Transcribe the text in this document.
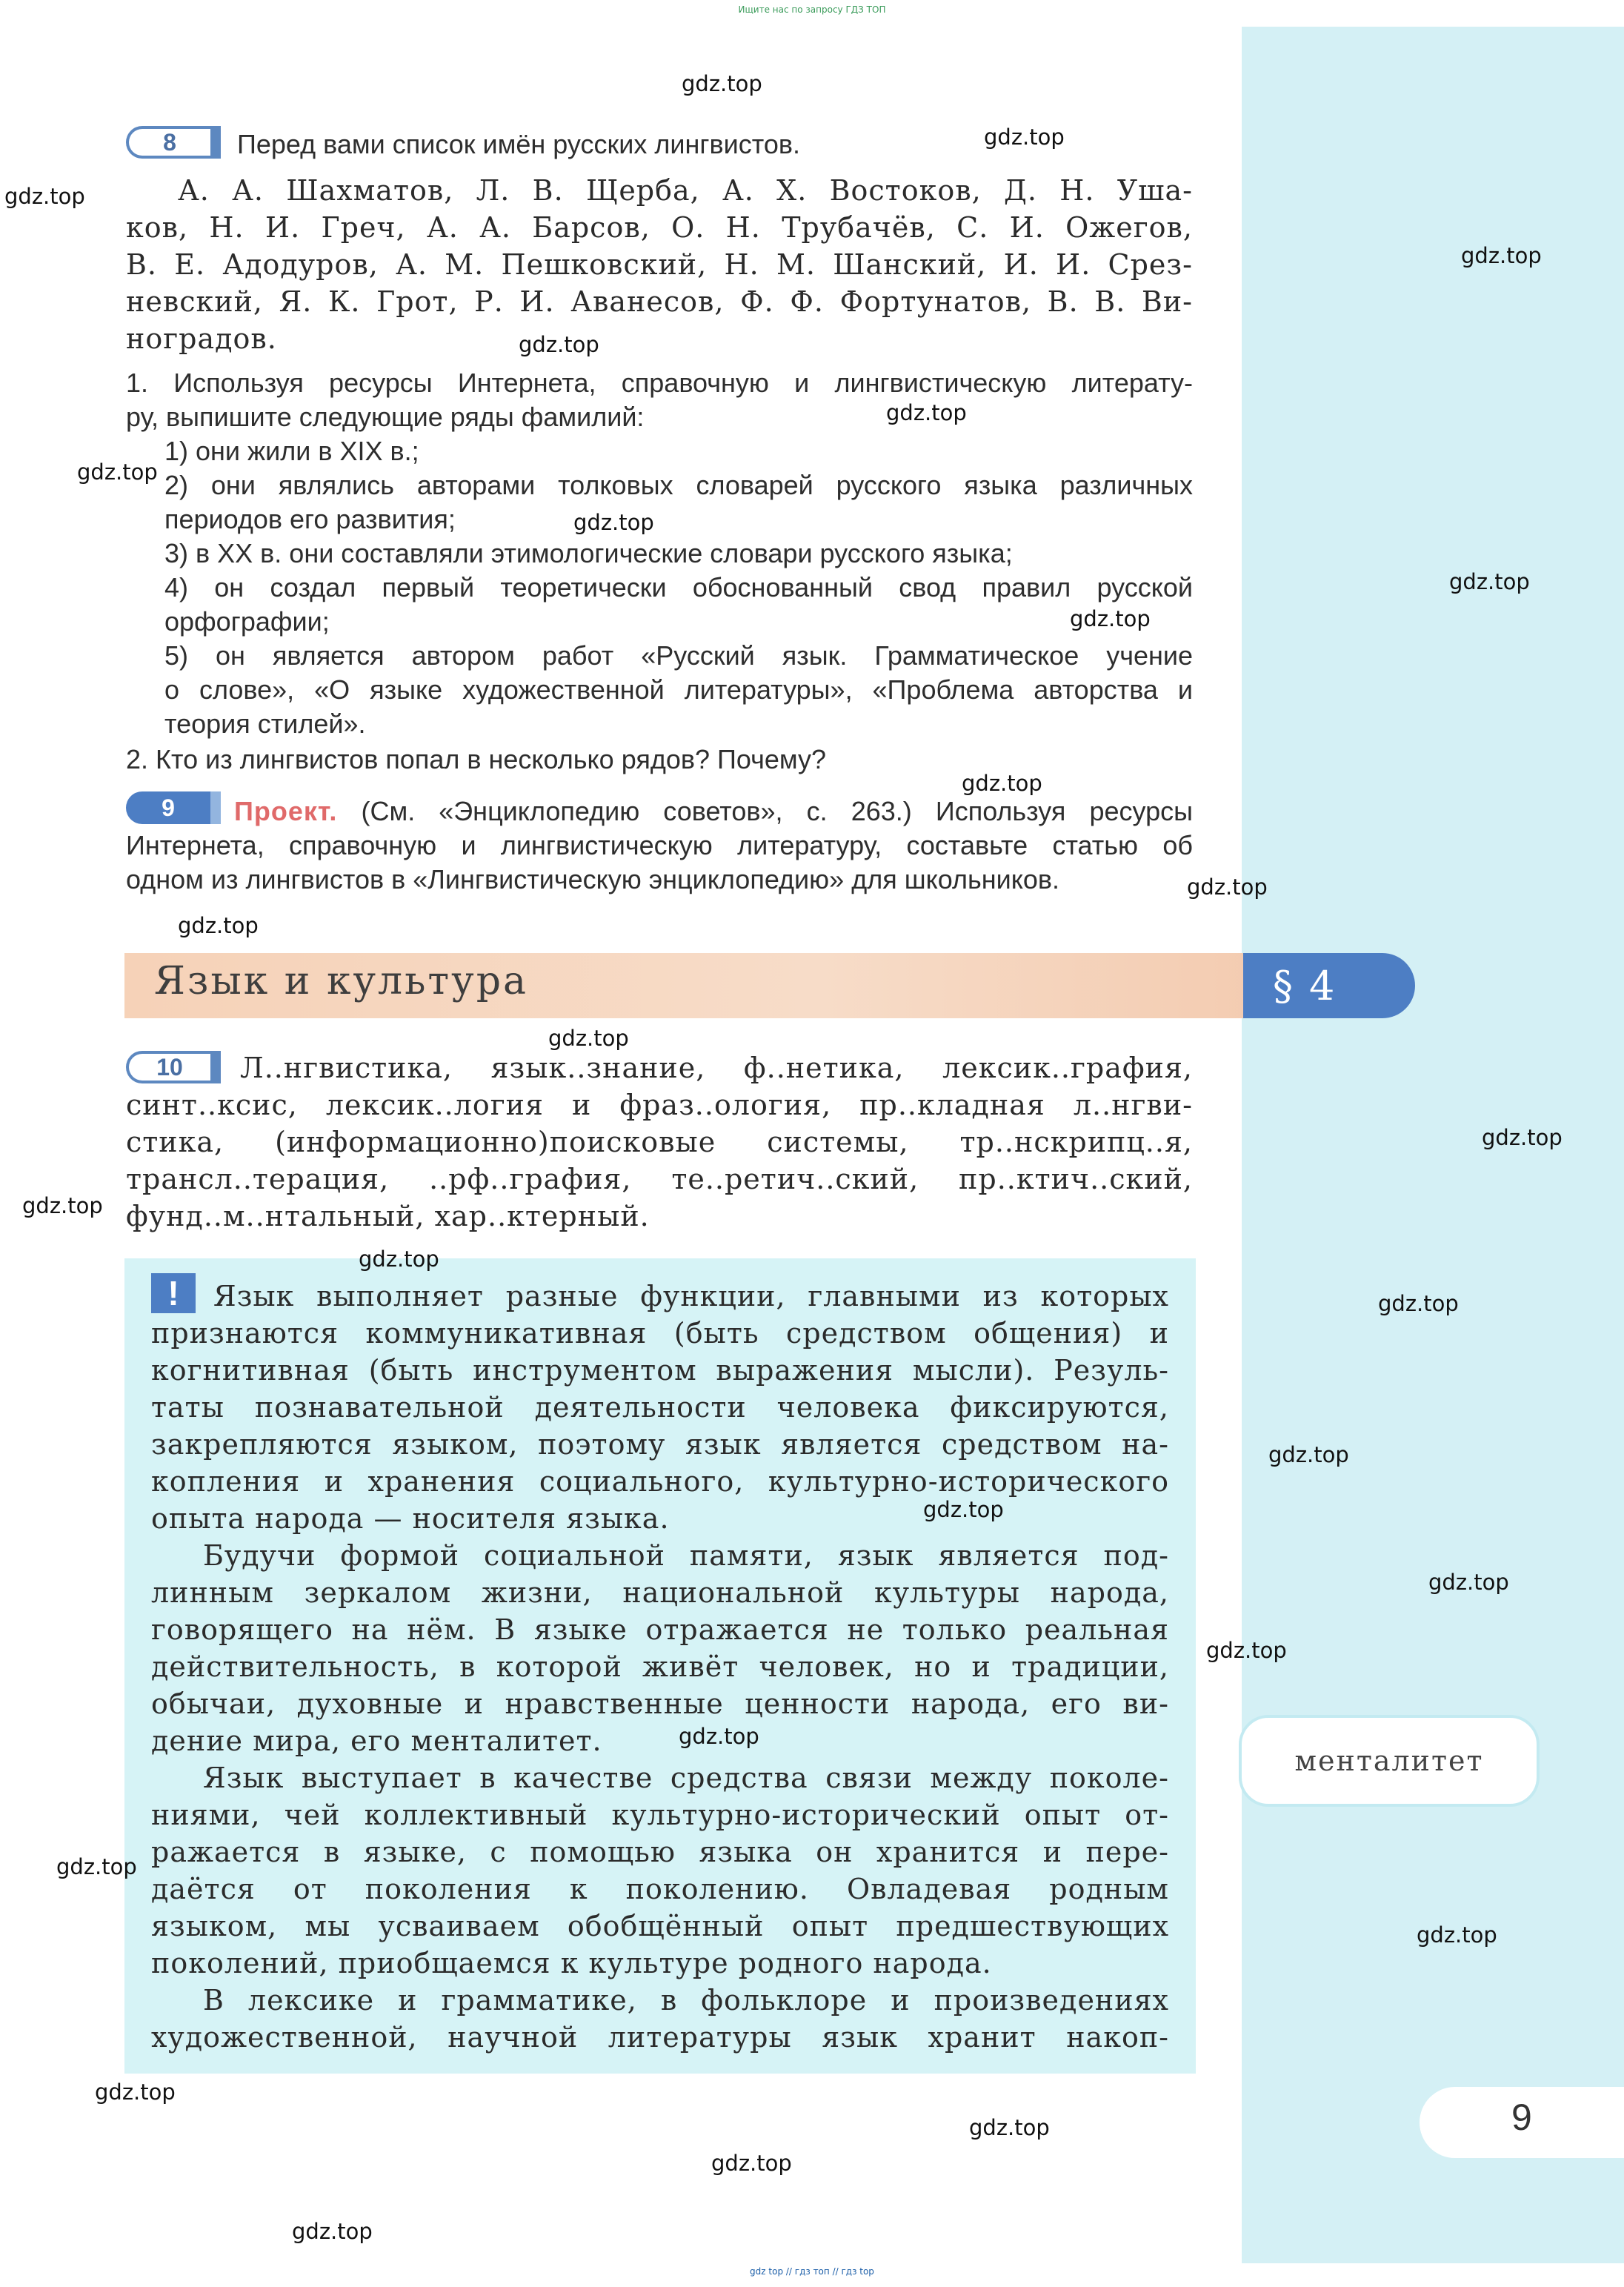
Ищите нас по запросу ГДЗ ТОП
8	Перед вами список имён русских лингвистов.
А. А. Шахматов, Л. В. Щерба, А. Х. Востоков, Д. Н. Уша-
ков, Н. И. Греч, А. А. Барсов, О. Н. Трубачёв, С. И. Ожегов,
В. Е. Адодуров, А. М. Пешковский, Н. М. Шанский, И. И. Срез-
невский, Я. К. Грот, Р. И. Аванесов, Ф. Ф. Фортунатов, В. В. Ви-
ноградов.
1. Используя ресурсы Интернета, справочную и лингвистическую литерату-
ру, выпишите следующие ряды фамилий:
1) они жили в XIX в.;
2) они являлись авторами толковых словарей русского языка различных
периодов его развития;
3) в XX в. они составляли этимологические словари русского языка;
4) он создал первый теоретически обоснованный свод правил русской
орфографии;
5) он является автором работ «Русский язык. Грамматическое учение
о слове», «О языке художественной литературы», «Проблема авторства и
теория стилей».
2. Кто из лингвистов попал в несколько рядов? Почему?
9	Проект. (См. «Энциклопедию советов», с. 263.) Используя ресурсы
Интернета, справочную и лингвистическую литературу, составьте статью об
одном из лингвистов в «Лингвистическую энциклопедию» для школьников.
Язык и культура	§ 4
10	Л..нгвистика, язык..знание, ф..нетика, лексик..графия,
синт..ксис, лексик..логия и фраз..ология, пр..кладная л..нгви-
стика, (информационно)поисковые системы, тр..нскрипц..я,
трансл..терация, ..рф..графия, те..ретич..ский, пр..ктич..ский,
фунд..м..нтальный, хар..ктерный.
!	Язык выполняет разные функции, главными из которых
признаются коммуникативная (быть средством общения) и
когнитивная (быть инструментом выражения мысли). Резуль-
таты познавательной деятельности человека фиксируются,
закрепляются языком, поэтому язык является средством на-
копления и хранения социального, культурно-исторического
опыта народа — носителя языка.
Будучи формой социальной памяти, язык является под-
линным зеркалом жизни, национальной культуры народа,
говорящего на нём. В языке отражается не только реальная
действительность, в которой живёт человек, но и традиции,
обычаи, духовные и нравственные ценности народа, его ви-
дение мира, его менталитет.
Язык выступает в качестве средства связи между поколе-
ниями, чей коллективный культурно-исторический опыт от-
ражается в языке, с помощью языка он хранится и пере-
даётся от поколения к поколению. Овладевая родным
языком, мы усваиваем обобщённый опыт предшествующих
поколений, приобщаемся к культуре родного народа.
В лексике и грамматике, в фольклоре и произведениях
художественной, научной литературы язык хранит накоп-
менталитет
9
gdz.top
gdz.top
gdz.top
gdz.top
gdz.top
gdz.top
gdz.top
gdz.top
gdz.top
gdz.top
gdz.top
gdz.top
gdz.top
gdz.top
gdz.top
gdz.top
gdz.top
gdz.top
gdz.top
gdz.top
gdz.top
gdz.top
gdz.top
gdz.top
gdz.top
gdz.top
gdz.top
gdz.top
gdz.top
gdz top // гдз топ // гдз top
